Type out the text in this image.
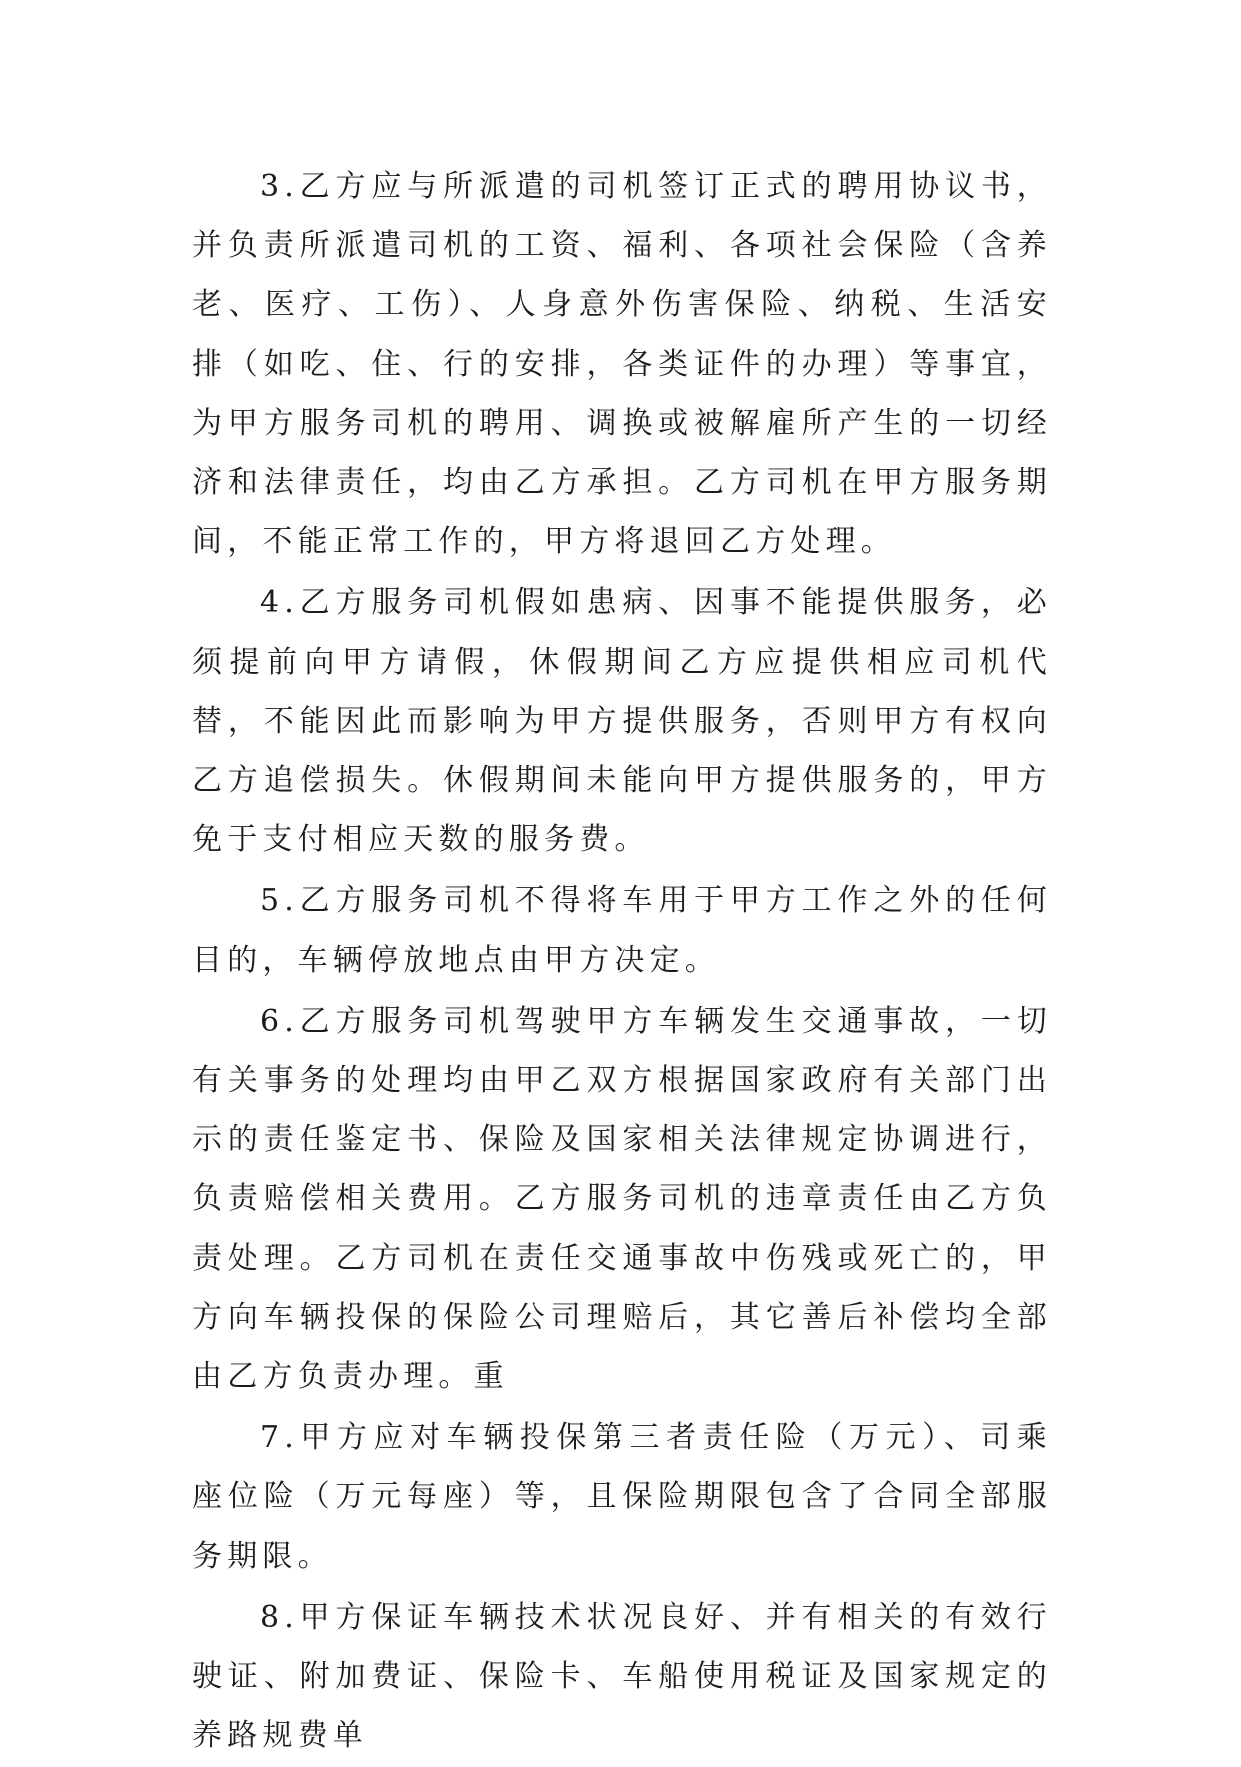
3.乙方应与所派遣的司机签订正式的聘用协议书，并负责所派遣司机的工资、福利、各项社会保险（含养老、医疗、工伤）、人身意外伤害保险、纳税、生活安排（如吃、住、行的安排，各类证件的办理）等事宜，为甲方服务司机的聘用、调换或被解雇所产生的一切经济和法律责任，均由乙方承担。乙方司机在甲方服务期间，不能正常工作的，甲方将退回乙方处理。

4.乙方服务司机假如患病、因事不能提供服务，必须提前向甲方请假，休假期间乙方应提供相应司机代替，不能因此而影响为甲方提供服务，否则甲方有权向乙方追偿损失。休假期间未能向甲方提供服务的，甲方免于支付相应天数的服务费。

5.乙方服务司机不得将车用于甲方工作之外的任何目的，车辆停放地点由甲方决定。

6.乙方服务司机驾驶甲方车辆发生交通事故，一切有关事务的处理均由甲乙双方根据国家政府有关部门出示的责任鉴定书、保险及国家相关法律规定协调进行，负责赔偿相关费用。乙方服务司机的违章责任由乙方负责处理。乙方司机在责任交通事故中伤残或死亡的，甲方向车辆投保的保险公司理赔后，其它善后补偿均全部由乙方负责办理。重

7.甲方应对车辆投保第三者责任险（万元）、司乘座位险（万元每座）等，且保险期限包含了合同全部服务期限。

8.甲方保证车辆技术状况良好、并有相关的有效行驶证、附加费证、保险卡、车船使用税证及国家规定的养路规费单
